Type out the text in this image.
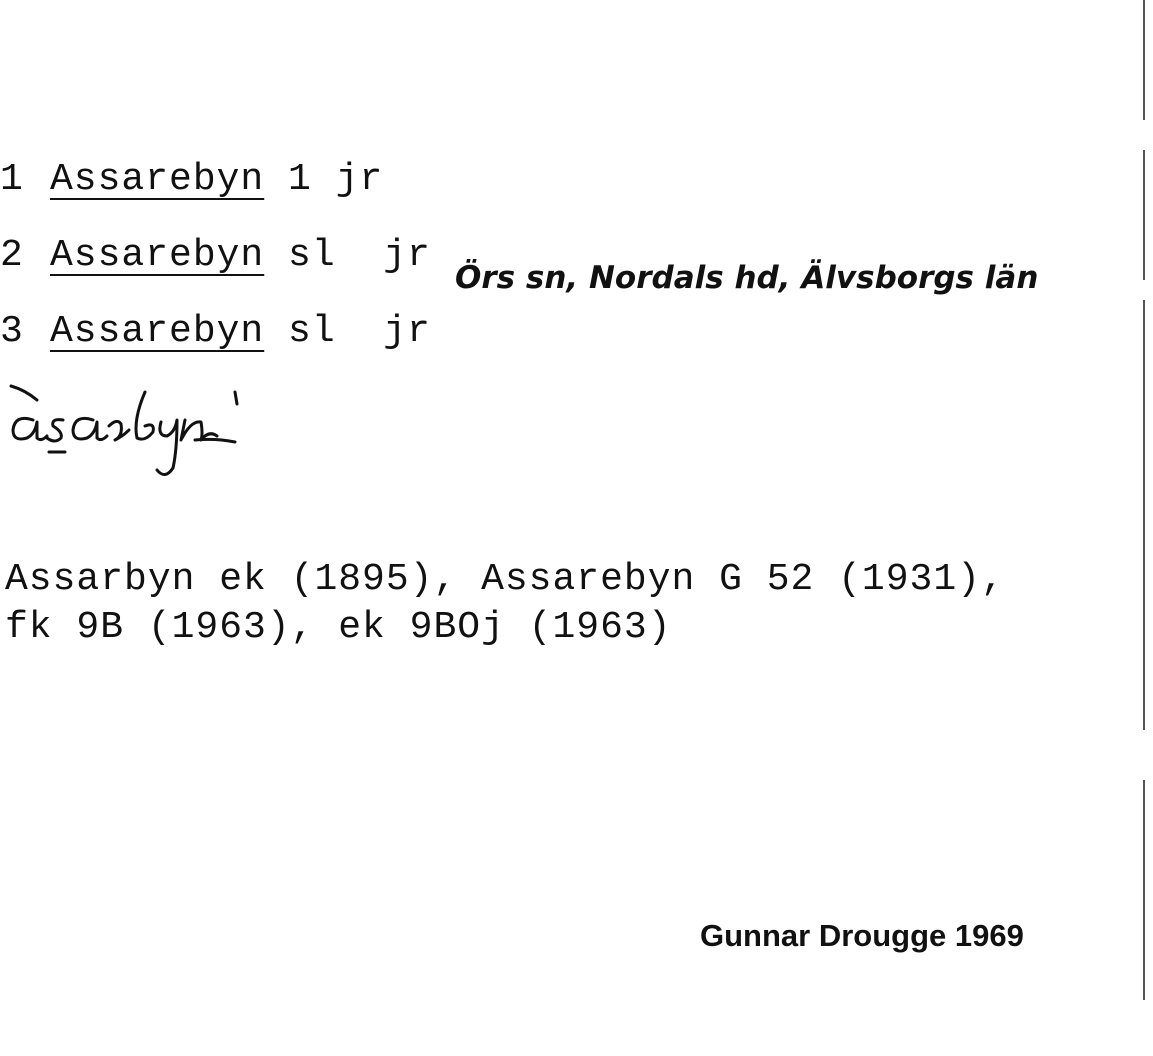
1 Assarebyn 1 jr
2 Assarebyn sl  jr
3 Assarebyn sl  jr
Örs sn, Nordals hd, Älvsborgs län
Assarbyn ek (1895), Assarebyn G 52 (1931),
fk 9B (1963), ek 9BOj (1963)
Gunnar Drougge 1969
